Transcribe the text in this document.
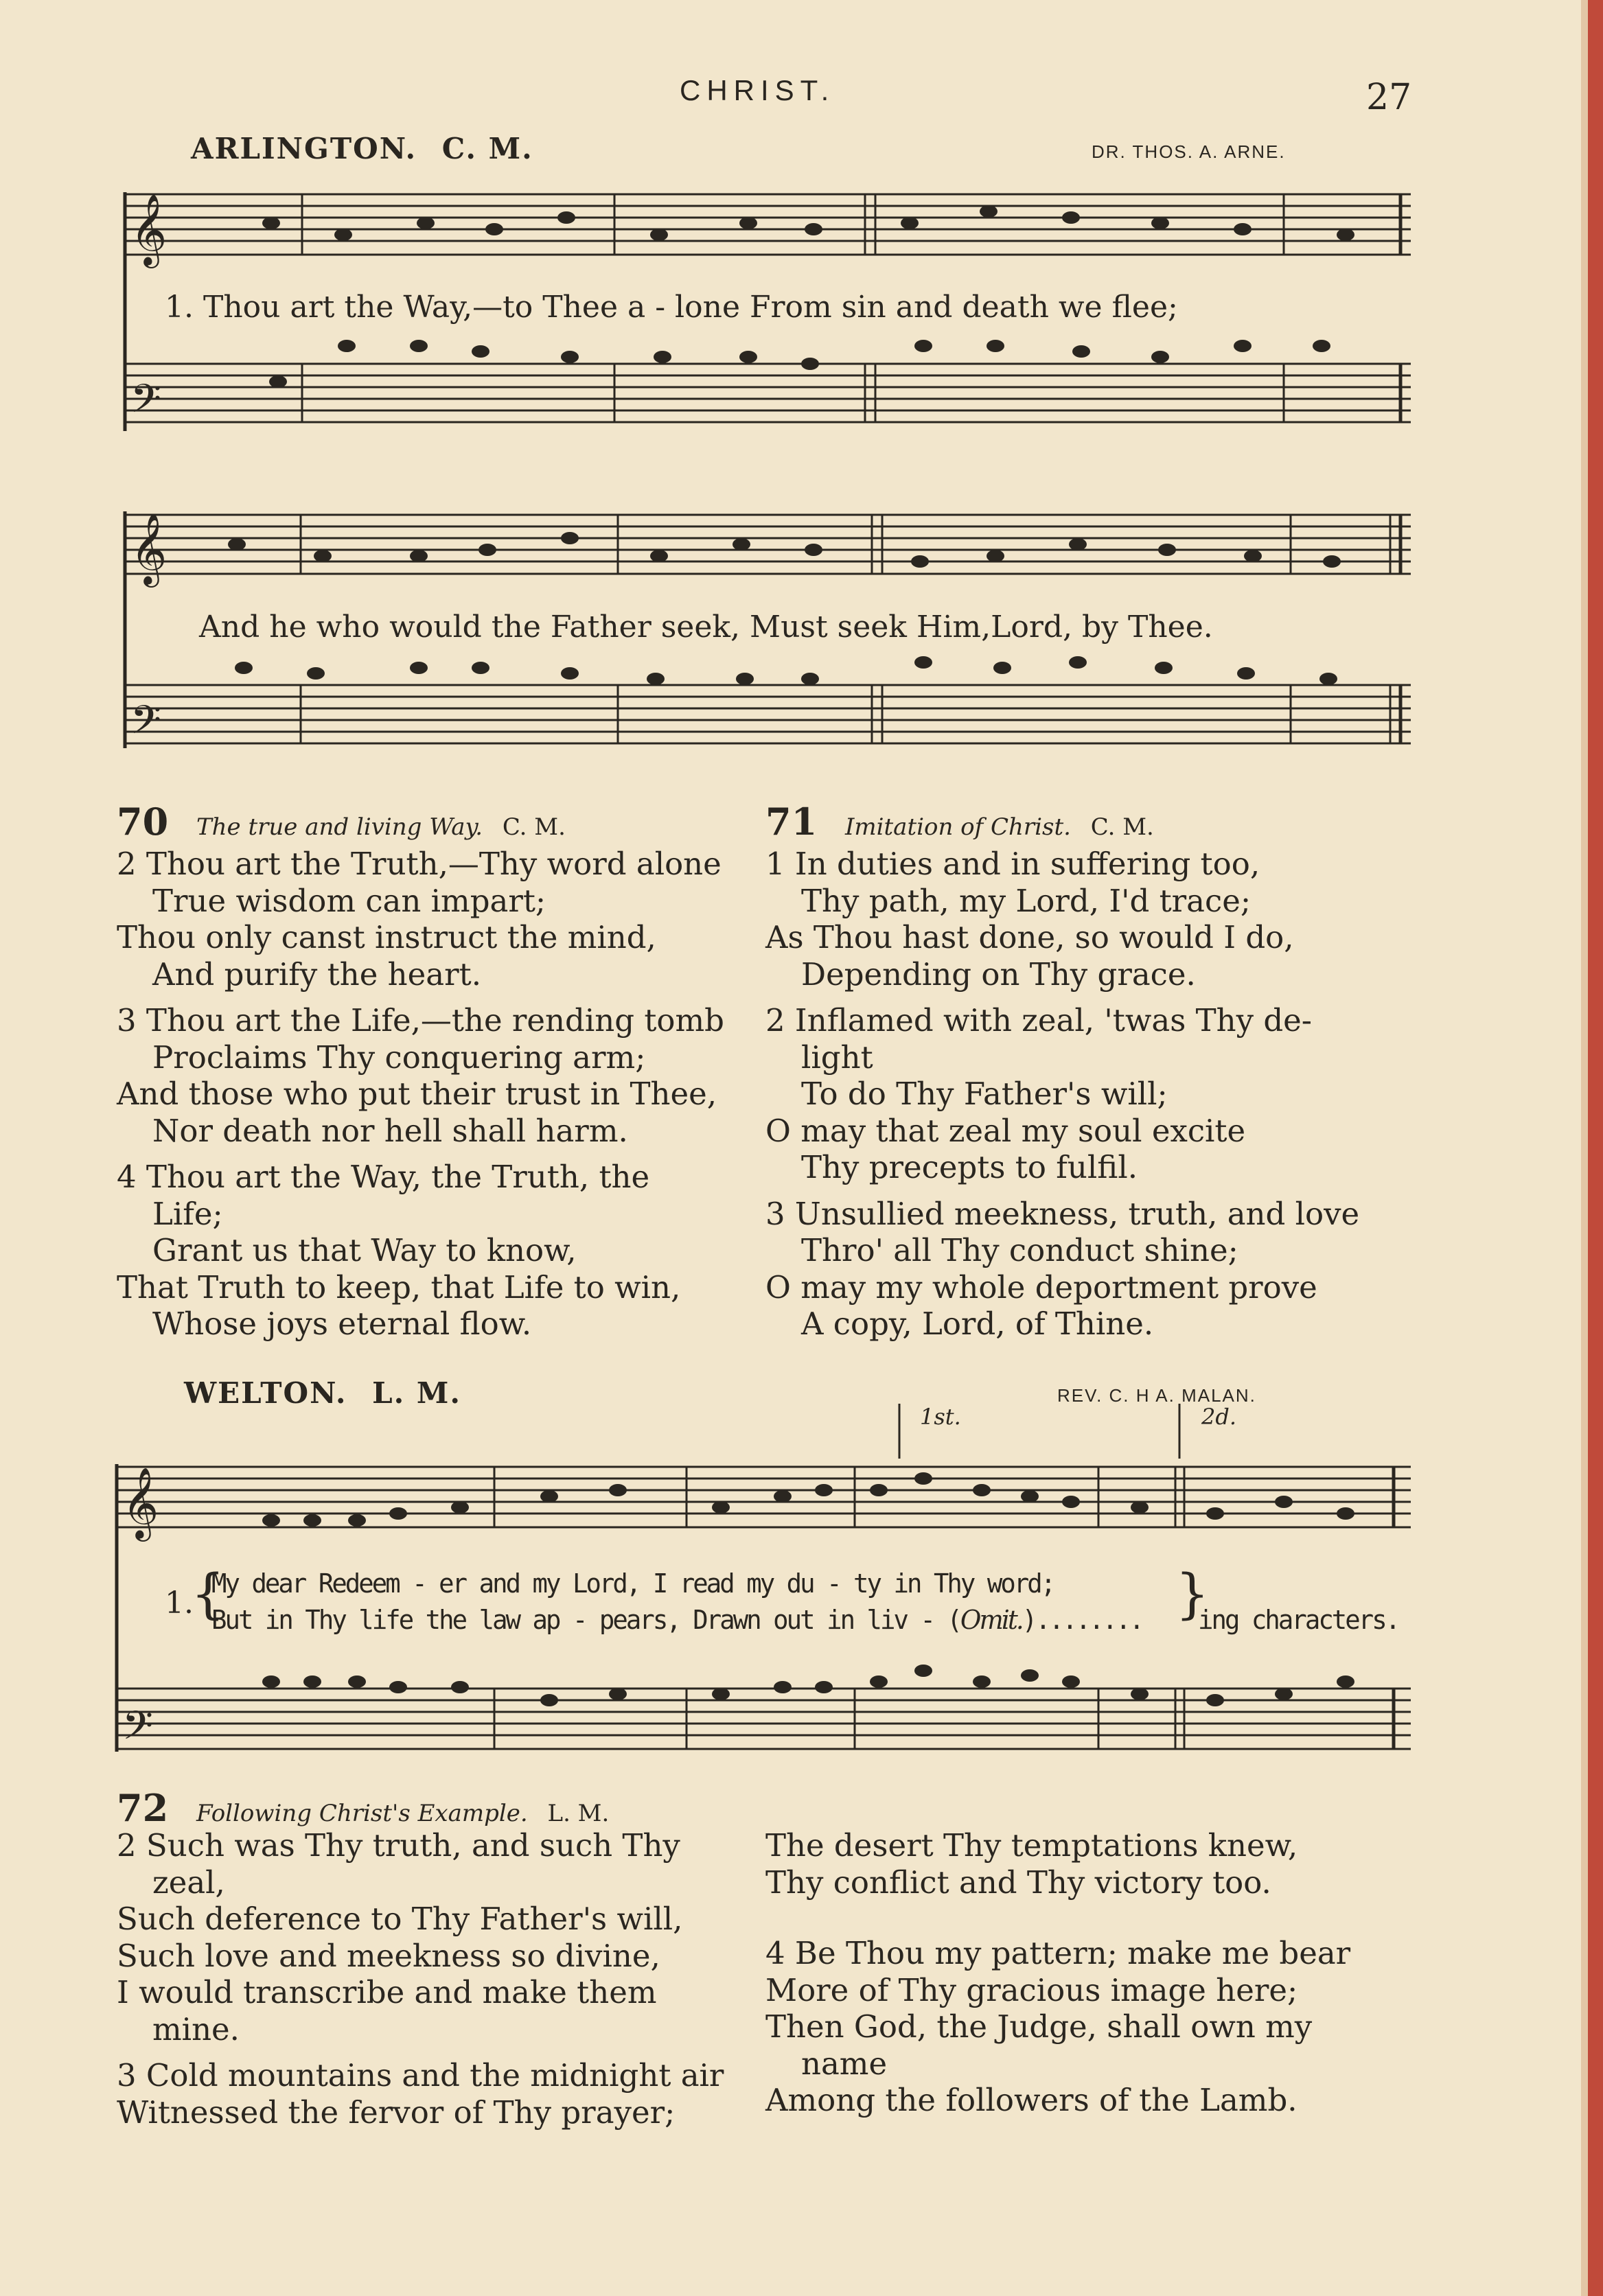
CHRIST.	27
ARLINGTON. C. M.	DR. THOS. A. ARNE.
𝄞
𝄢
𝄞
𝄢
𝄞
𝄢
1. Thou art the Way,—to Thee a - lone From sin and death we flee;
And he who would the Father seek, Must seek Him,Lord, by Thee.
70 The true and living Way. C. M.	71 Imitation of Christ. C. M.
2 Thou art the Truth,—Thy word alone
True wisdom can impart;
Thou only canst instruct the mind,
And purify the heart.
3 Thou art the Life,—the rending tomb
Proclaims Thy conquering arm;
And those who put their trust in Thee,
Nor death nor hell shall harm.
4 Thou art the Way, the Truth, the
Life;
Grant us that Way to know,
That Truth to keep, that Life to win,
Whose joys eternal flow.
1 In duties and in suffering too,
Thy path, my Lord, I'd trace;
As Thou hast done, so would I do,
Depending on Thy grace.
2 Inflamed with zeal, 'twas Thy de-
light
To do Thy Father's will;
O may that zeal my soul excite
Thy precepts to fulfil.
3 Unsullied meekness, truth, and love
Thro' all Thy conduct shine;
O may my whole deportment prove
A copy, Lord, of Thine.
WELTON. L. M.	REV. C. H A. MALAN.
1st.	2d.
1.
{
My dear Redeem - er and my Lord, I read my du - ty in Thy word;
But in Thy life the law ap - pears, Drawn out in liv - (Omit.)........ }
ing characters.
72 Following Christ's Example. L. M.
2 Such was Thy truth, and such Thy
zeal,
Such deference to Thy Father's will,
Such love and meekness so divine,
I would transcribe and make them
mine.
3 Cold mountains and the midnight air
Witnessed the fervor of Thy prayer;
The desert Thy temptations knew,
Thy conflict and Thy victory too.
4 Be Thou my pattern; make me bear
More of Thy gracious image here;
Then God, the Judge, shall own my
name
Among the followers of the Lamb.
